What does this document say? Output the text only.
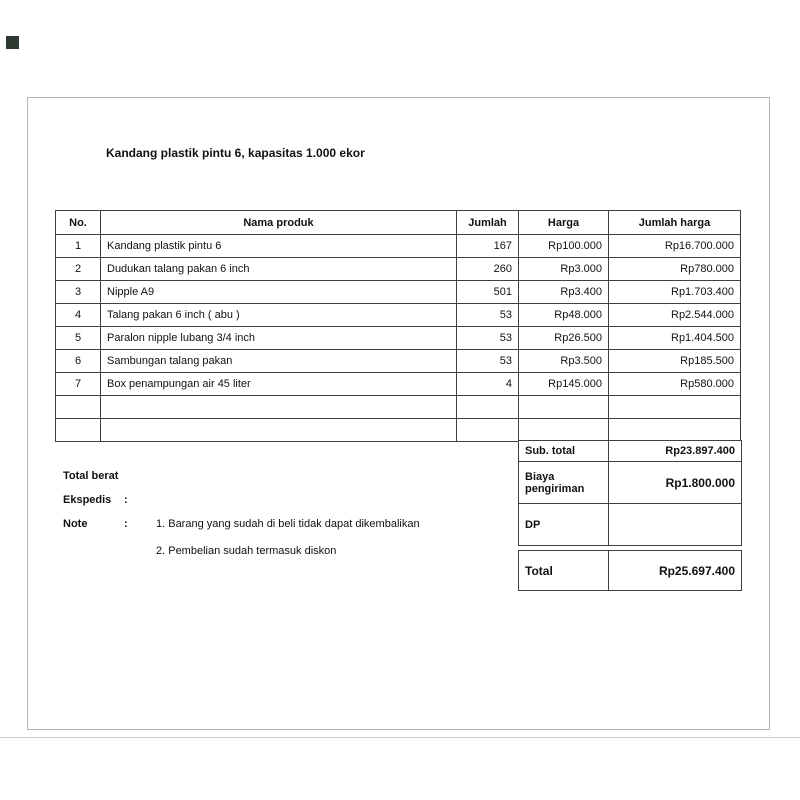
Kandang plastik pintu 6, kapasitas 1.000 ekor
No.	Nama produk	Jumlah	Harga	Jumlah harga
1	Kandang plastik pintu 6	167	Rp100.000	Rp16.700.000
2	Dudukan talang pakan 6 inch	260	Rp3.000	Rp780.000
3	Nipple A9	501	Rp3.400	Rp1.703.400
4	Talang pakan 6 inch ( abu )	53	Rp48.000	Rp2.544.000
5	Paralon nipple lubang 3/4 inch	53	Rp26.500	Rp1.404.500
6	Sambungan talang pakan	53	Rp3.500	Rp185.500
7	Box penampungan air 45 liter	4	Rp145.000	Rp580.000

Sub. total	Rp23.897.400
Biaya pengiriman	Rp1.800.000
DP
Total	Rp25.697.400
Total berat
Ekspedis :
Note	:	1. Barang yang sudah di beli tidak dapat dikembalikan
2. Pembelian sudah termasuk diskon
